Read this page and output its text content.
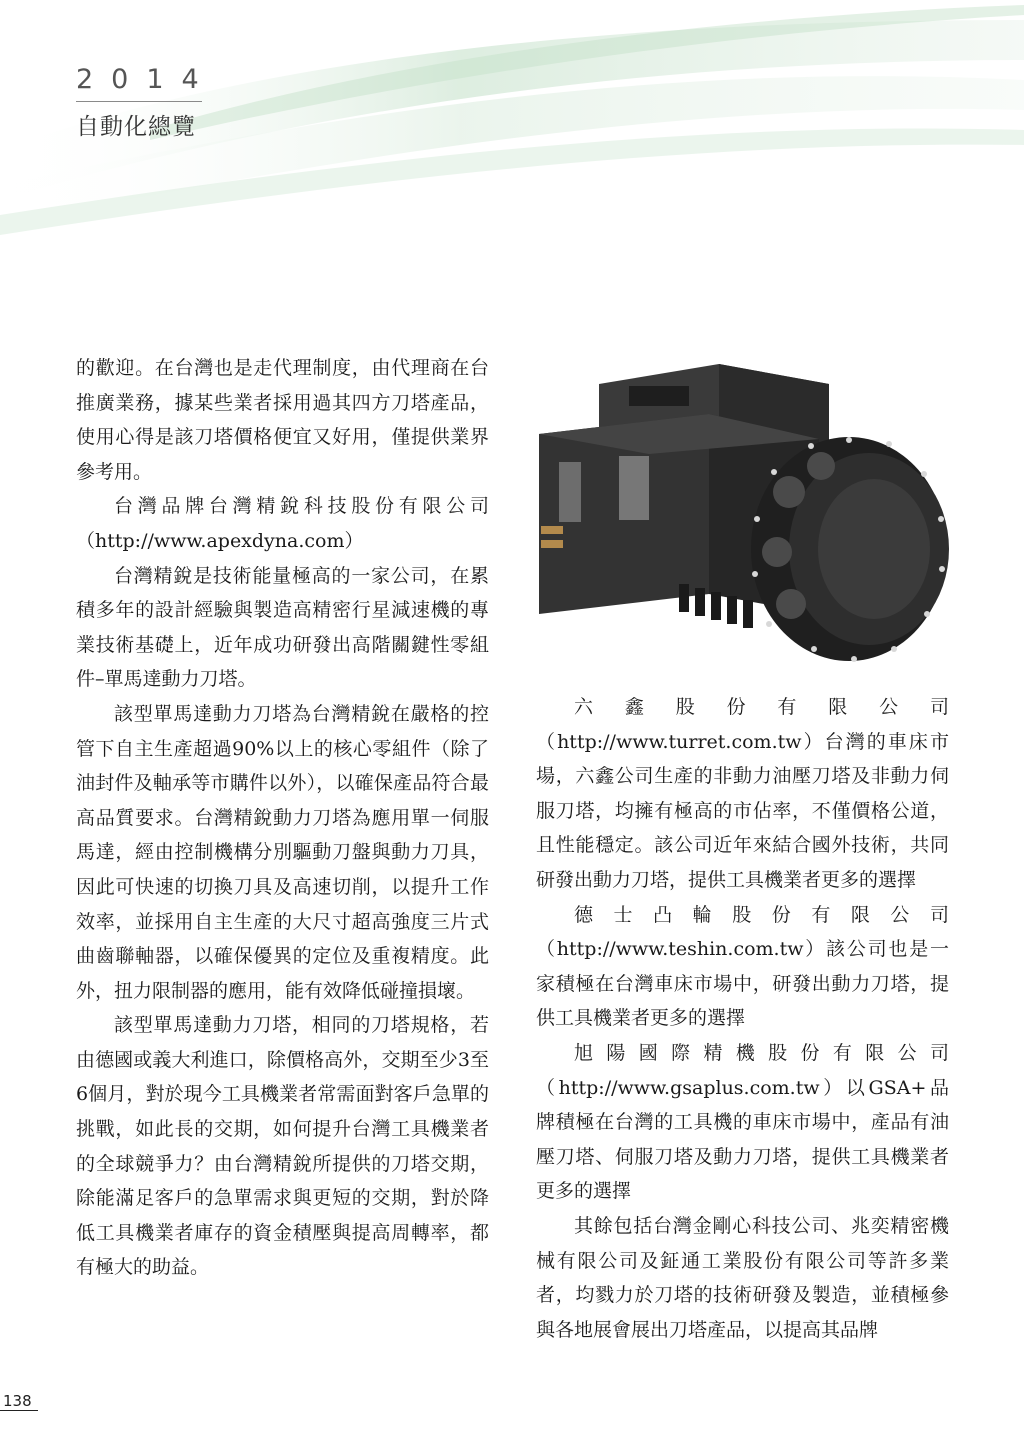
2014
自動化總覽

的歡迎。在台灣也是走代理制度，由代理商在台推廣業務，據某些業者採用過其四方刀塔產品，使用心得是該刀塔價格便宜又好用，僅提供業界參考用。

台灣品牌台灣精銳科技股份有限公司（http://www.apexdyna.com）

台灣精銳是技術能量極高的一家公司，在累積多年的設計經驗與製造高精密行星減速機的專業技術基礎上，近年成功研發出高階關鍵性零組件–單馬達動力刀塔。

該型單馬達動力刀塔為台灣精銳在嚴格的控管下自主生產超過90%以上的核心零組件（除了油封件及軸承等市購件以外），以確保產品符合最高品質要求。台灣精銳動力刀塔為應用單一伺服馬達，經由控制機構分別驅動刀盤與動力刀具，因此可快速的切換刀具及高速切削，以提升工作效率，並採用自主生產的大尺寸超高強度三片式曲齒聯軸器，以確保優異的定位及重複精度。此外，扭力限制器的應用，能有效降低碰撞損壞。

該型單馬達動力刀塔，相同的刀塔規格，若由德國或義大利進口，除價格高外，交期至少3至6個月，對於現今工具機業者常需面對客戶急單的挑戰，如此長的交期，如何提升台灣工具機業者的全球競爭力？由台灣精銳所提供的刀塔交期，除能滿足客戶的急單需求與更短的交期，對於降低工具機業者庫存的資金積壓與提高周轉率，都有極大的助益。

六鑫股份有限公司（http://www.turret.com.tw）台灣的車床市場，六鑫公司生產的非動力油壓刀塔及非動力伺服刀塔，均擁有極高的市佔率，不僅價格公道，且性能穩定。該公司近年來結合國外技術，共同研發出動力刀塔，提供工具機業者更多的選擇

德士凸輪股份有限公司（http://www.teshin.com.tw）該公司也是一家積極在台灣車床市場中，研發出動力刀塔，提供工具機業者更多的選擇

旭陽國際精機股份有限公司（http://www.gsaplus.com.tw）以GSA+品牌積極在台灣的工具機的車床市場中，產品有油壓刀塔、伺服刀塔及動力刀塔，提供工具機業者更多的選擇

其餘包括台灣金剛心科技公司、兆奕精密機械有限公司及鉦通工業股份有限公司等許多業者，均戮力於刀塔的技術研發及製造，並積極參與各地展會展出刀塔產品，以提高其品牌

138
